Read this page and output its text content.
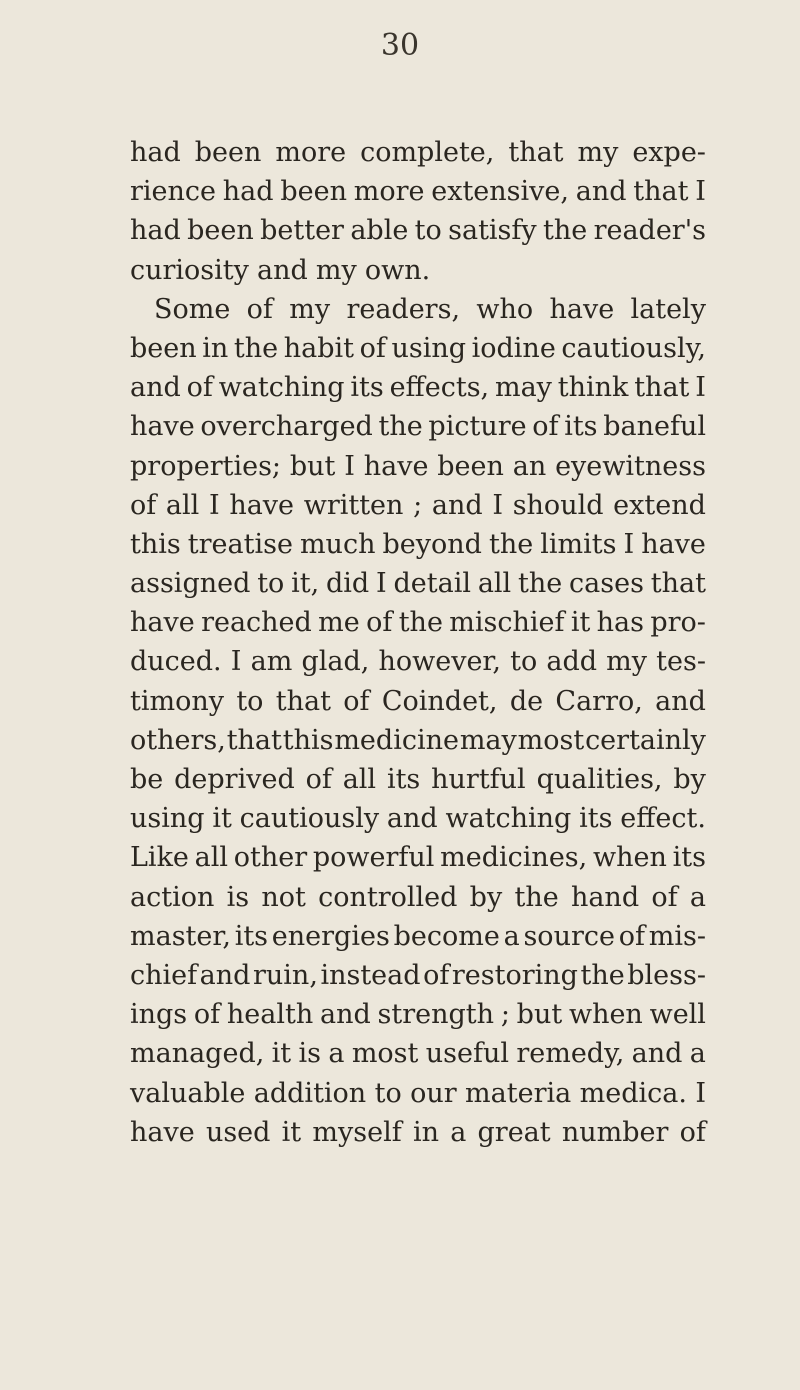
30
had been more complete, that my expe-
rience had been more extensive, and that I
had been better able to satisfy the reader's
curiosity and my own.
Some of my readers, who have lately
been in the habit of using iodine cautiously,
and of watching its effects, may think that I
have overcharged the picture of its baneful
properties; but I have been an eyewitness
of all I have written ; and I should extend
this treatise much beyond the limits I have
assigned to it, did I detail all the cases that
have reached me of the mischief it has pro-
duced. I am glad, however, to add my tes-
timony to that of Coindet, de Carro, and
others, that this medicine may most certainly
be deprived of all its hurtful qualities, by
using it cautiously and watching its effect.
Like all other powerful medicines, when its
action is not controlled by the hand of a
master, its energies become a source of mis-
chief and ruin, instead of restoring the bless-
ings of health and strength ; but when well
managed, it is a most useful remedy, and a
valuable addition to our materia medica. I
have used it myself in a great number of
